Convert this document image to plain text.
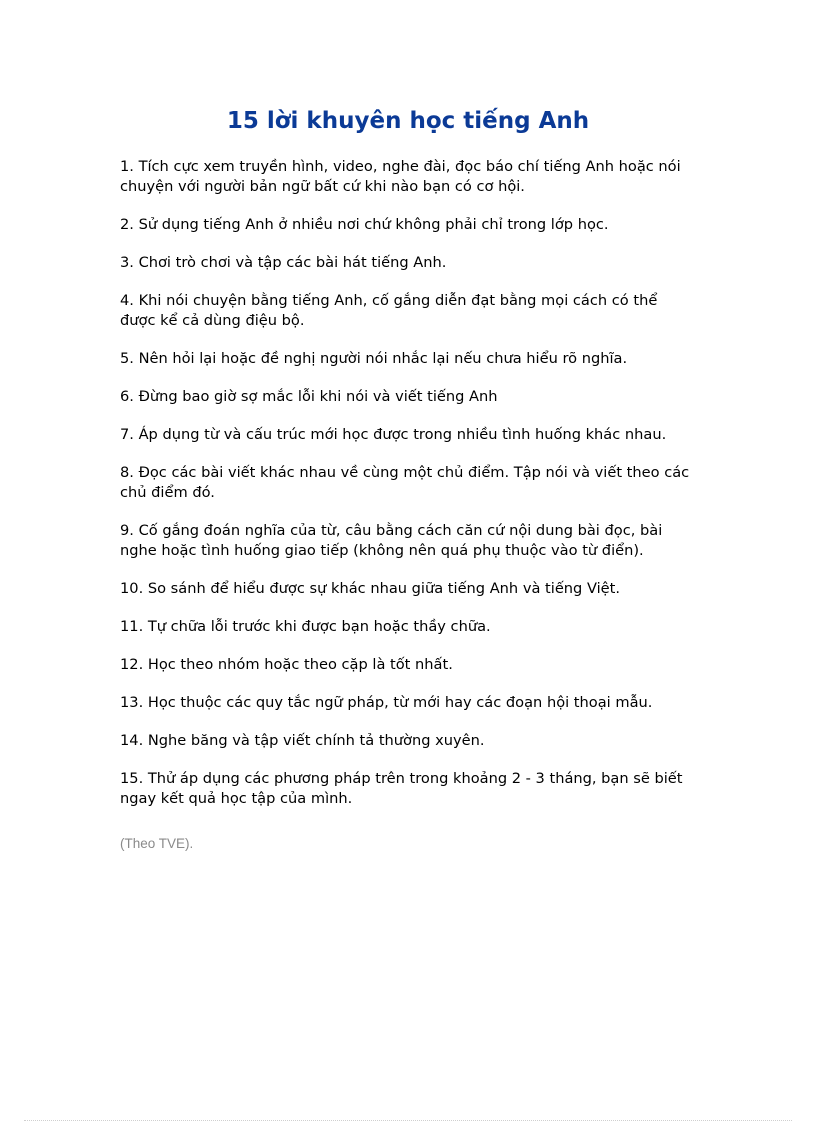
15 lời khuyên học tiếng Anh
1. Tích cực xem truyền hình, video, nghe đài, đọc báo chí tiếng Anh hoặc nói
chuyện với người bản ngữ bất cứ khi nào bạn có cơ hội.
2. Sử dụng tiếng Anh ở nhiều nơi chứ không phải chỉ trong lớp học.
3. Chơi trò chơi và tập các bài hát tiếng Anh.
4. Khi nói chuyện bằng tiếng Anh, cố gắng diễn đạt bằng mọi cách có thể
được kể cả dùng điệu bộ.
5. Nên hỏi lại hoặc đề nghị người nói nhắc lại nếu chưa hiểu rõ nghĩa.
6. Đừng bao giờ sợ mắc lỗi khi nói và viết tiếng Anh
7. Áp dụng từ và cấu trúc mới học được trong nhiều tình huống khác nhau.
8. Đọc các bài viết khác nhau về cùng một chủ điểm. Tập nói và viết theo các
chủ điểm đó.
9. Cố gắng đoán nghĩa của từ, câu bằng cách căn cứ nội dung bài đọc, bài
nghe hoặc tình huống giao tiếp (không nên quá phụ thuộc vào từ điển).
10. So sánh để hiểu được sự khác nhau giữa tiếng Anh và tiếng Việt.
11. Tự chữa lỗi trước khi được bạn hoặc thầy chữa.
12. Học theo nhóm hoặc theo cặp là tốt nhất.
13. Học thuộc các quy tắc ngữ pháp, từ mới hay các đoạn hội thoại mẫu.
14. Nghe băng và tập viết chính tả thường xuyên.
15. Thử áp dụng các phương pháp trên trong khoảng 2 - 3 tháng, bạn sẽ biết
ngay kết quả học tập của mình.
(Theo TVE).
